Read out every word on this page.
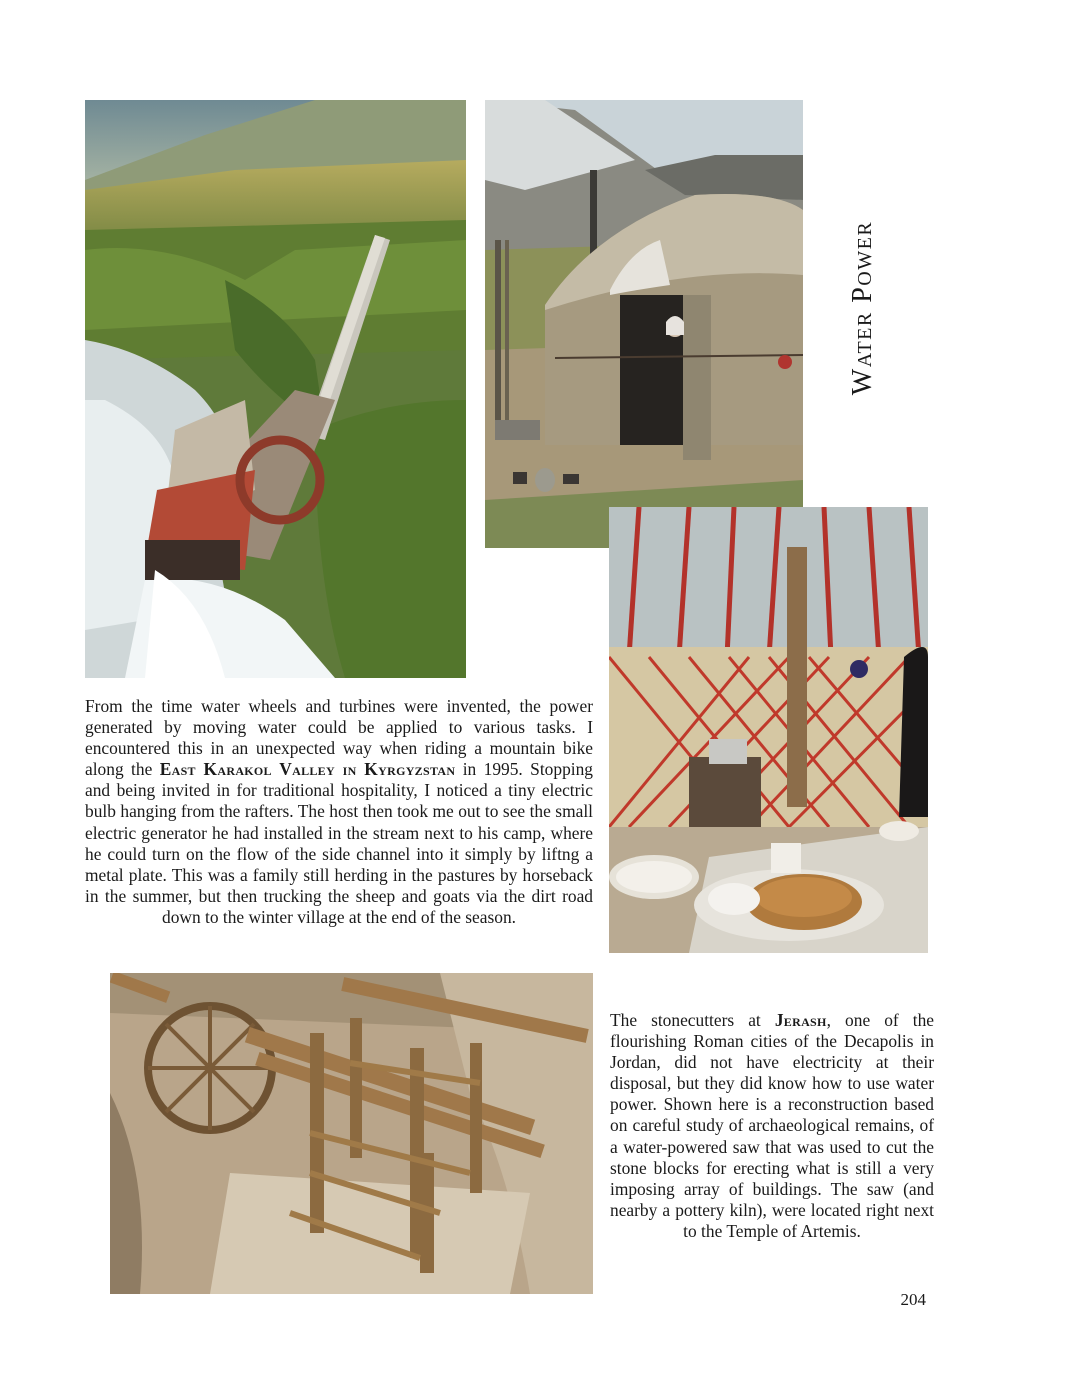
Water Power

From the time water wheels and turbines were invented, the power generated by moving water could be applied to various tasks. I encountered this in an unexpected way when riding a mountain bike along the East Karakol Valley in Kyrgyzstan in 1995. Stopping and being invited in for traditional hospitality, I noticed a tiny electric bulb hanging from the rafters. The host then took me out to see the small electric generator he had installed in the stream next to his camp, where he could turn on the flow of the side channel into it simply by liftng a metal plate. This was a family still herding in the pastures by horseback in the summer, but then trucking the sheep and goats via the dirt road down to the winter village at the end of the season.

The stonecutters at Jerash, one of the flourishing Roman cities of the Decapolis in Jordan, did not have electricity at their disposal, but they did know how to use water power. Shown here is a reconstruction based on careful study of archaeological remains, of a water-powered saw that was used to cut the stone blocks for erecting what is still a very imposing array of buildings. The saw (and nearby a pottery kiln), were located right next to the Temple of Artemis.

204
